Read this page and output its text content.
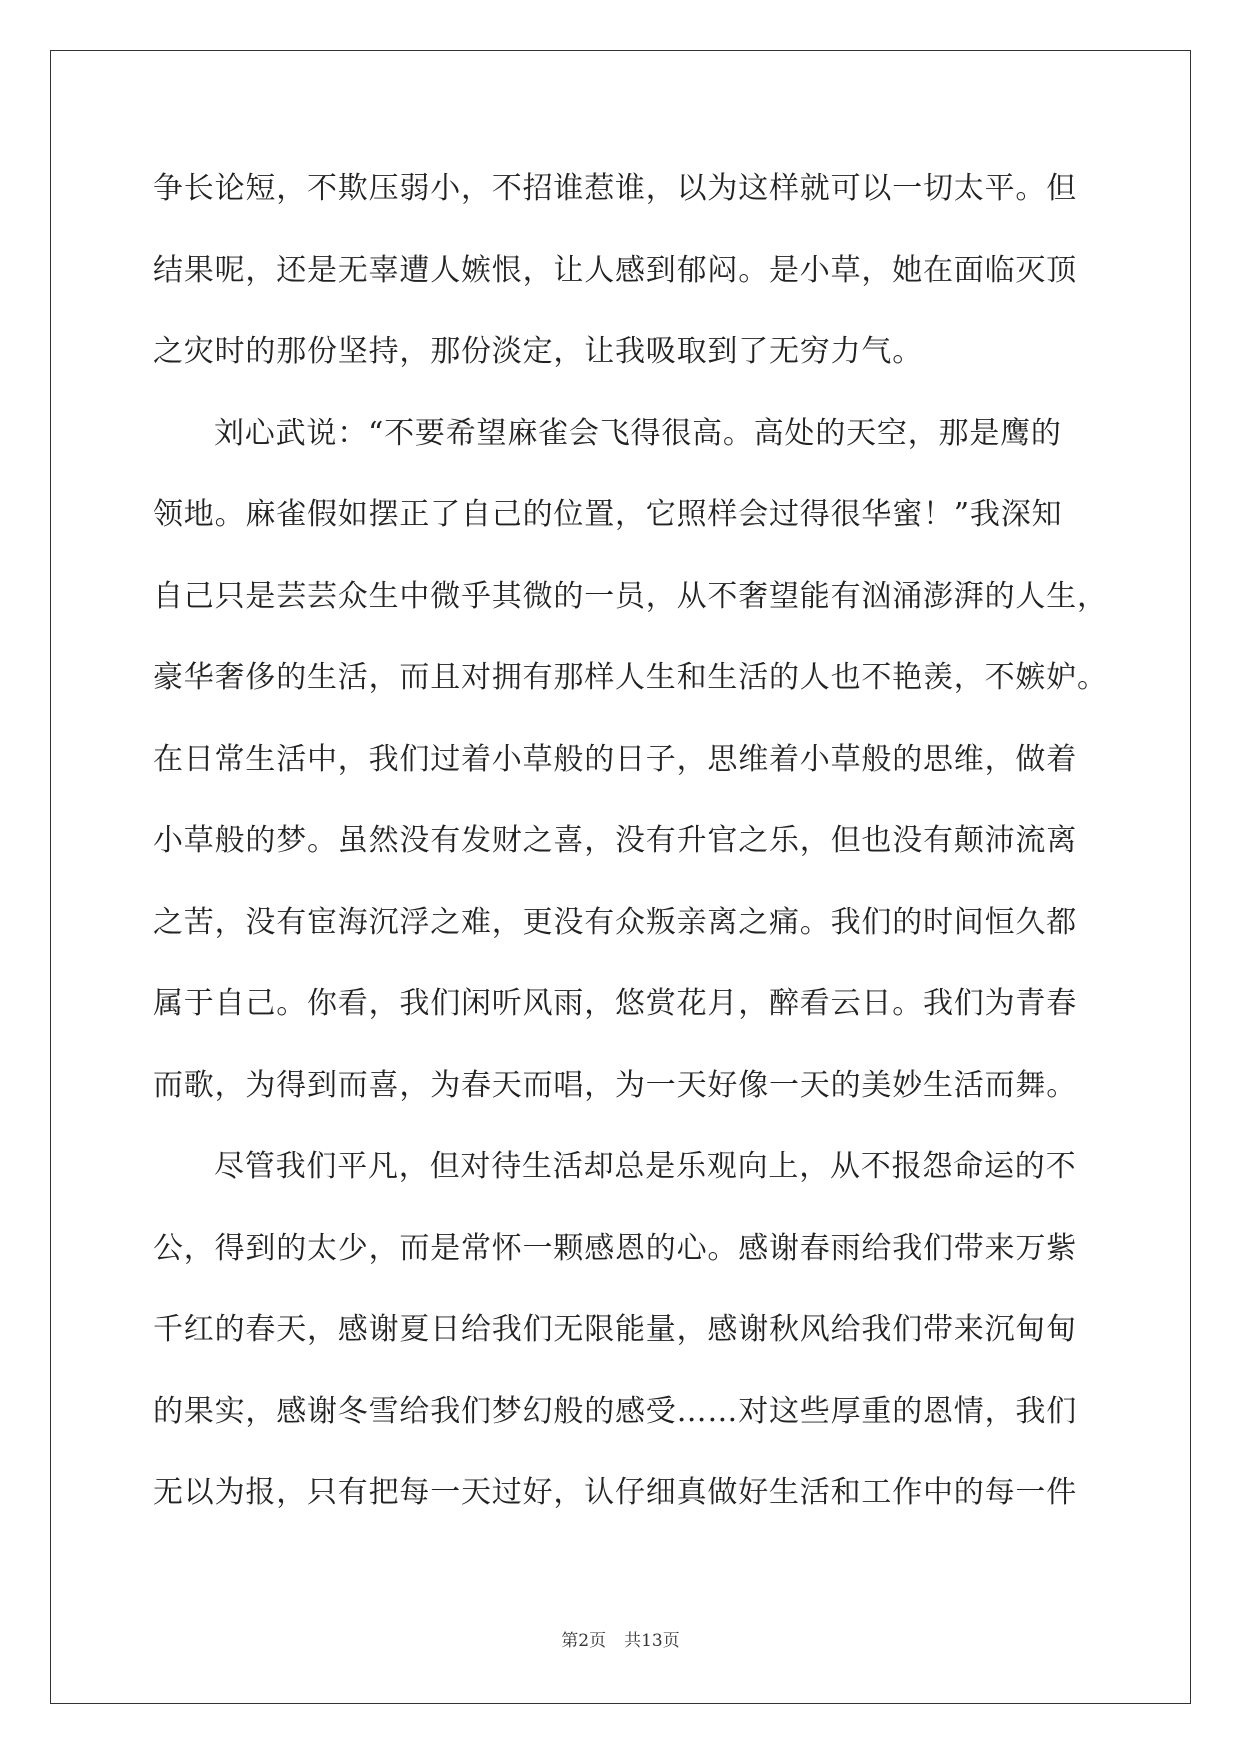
争长论短，不欺压弱小，不招谁惹谁，以为这样就可以一切太平。但
结果呢，还是无辜遭人嫉恨，让人感到郁闷。是小草，她在面临灭顶
之灾时的那份坚持，那份淡定，让我吸取到了无穷力气。
刘心武说：“不要希望麻雀会飞得很高。高处的天空，那是鹰的
领地。麻雀假如摆正了自己的位置，它照样会过得很华蜜！”我深知
自己只是芸芸众生中微乎其微的一员，从不奢望能有汹涌澎湃的人生，
豪华奢侈的生活，而且对拥有那样人生和生活的人也不艳羡，不嫉妒。
在日常生活中，我们过着小草般的日子，思维着小草般的思维，做着
小草般的梦。虽然没有发财之喜，没有升官之乐，但也没有颠沛流离
之苦，没有宦海沉浮之难，更没有众叛亲离之痛。我们的时间恒久都
属于自己。你看，我们闲听风雨，悠赏花月，醉看云日。我们为青春
而歌，为得到而喜，为春天而唱，为一天好像一天的美妙生活而舞。
尽管我们平凡，但对待生活却总是乐观向上，从不报怨命运的不
公，得到的太少，而是常怀一颗感恩的心。感谢春雨给我们带来万紫
千红的春天，感谢夏日给我们无限能量，感谢秋风给我们带来沉甸甸
的果实，感谢冬雪给我们梦幻般的感受……对这些厚重的恩情，我们
无以为报，只有把每一天过好，认仔细真做好生活和工作中的每一件
第2页 共13页
